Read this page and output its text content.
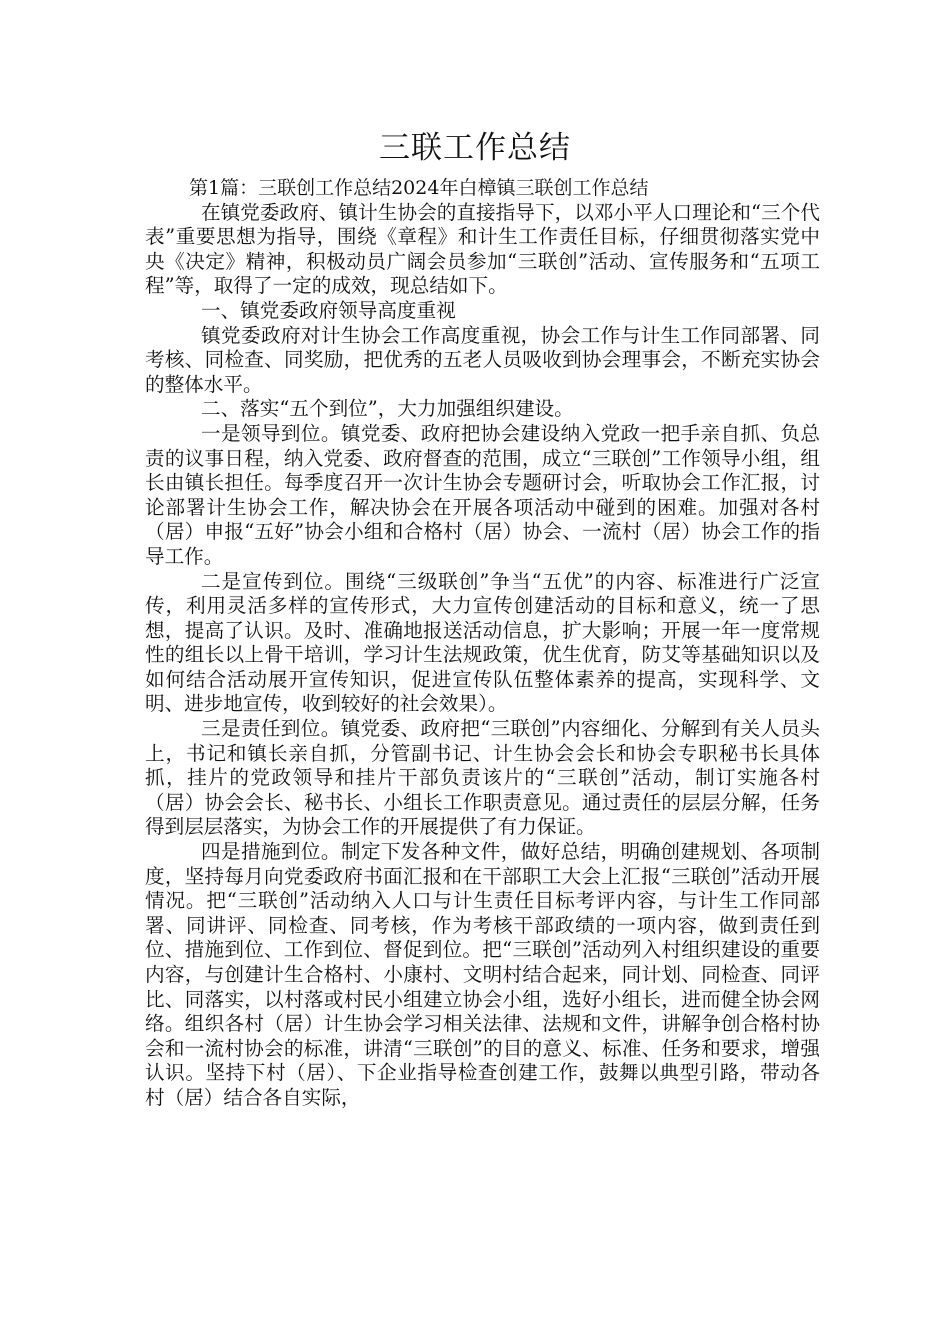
三联工作总结

第1篇：三联创工作总结2024年白樟镇三联创工作总结

在镇党委政府、镇计生协会的直接指导下，以邓小平人口理论和“三个代表”重要思想为指导，围绕《章程》和计生工作责任目标，仔细贯彻落实党中央《决定》精神，积极动员广阔会员参加“三联创”活动、宣传服务和“五项工程”等，取得了一定的成效，现总结如下。

一、镇党委政府领导高度重视

镇党委政府对计生协会工作高度重视，协会工作与计生工作同部署、同考核、同检查、同奖励，把优秀的五老人员吸收到协会理事会，不断充实协会的整体水平。

二、落实“五个到位”，大力加强组织建设。

一是领导到位。镇党委、政府把协会建设纳入党政一把手亲自抓、负总责的议事日程，纳入党委、政府督查的范围，成立“三联创”工作领导小组，组长由镇长担任。每季度召开一次计生协会专题研讨会，听取协会工作汇报，讨论部署计生协会工作，解决协会在开展各项活动中碰到的困难。加强对各村（居）申报“五好”协会小组和合格村（居）协会、一流村（居）协会工作的指导工作。

二是宣传到位。围绕“三级联创”争当“五优”的内容、标准进行广泛宣传，利用灵活多样的宣传形式，大力宣传创建活动的目标和意义，统一了思想，提高了认识。及时、准确地报送活动信息，扩大影响；开展一年一度常规性的组长以上骨干培训，学习计生法规政策，优生优育，防艾等基础知识以及如何结合活动展开宣传知识，促进宣传队伍整体素养的提高，实现科学、文明、进步地宣传，收到较好的社会效果）。

三是责任到位。镇党委、政府把“三联创”内容细化、分解到有关人员头上，书记和镇长亲自抓，分管副书记、计生协会会长和协会专职秘书长具体抓，挂片的党政领导和挂片干部负责该片的“三联创”活动，制订实施各村（居）协会会长、秘书长、小组长工作职责意见。通过责任的层层分解，任务得到层层落实，为协会工作的开展提供了有力保证。

四是措施到位。制定下发各种文件，做好总结，明确创建规划、各项制度，坚持每月向党委政府书面汇报和在干部职工大会上汇报“三联创”活动开展情况。把“三联创”活动纳入人口与计生责任目标考评内容，与计生工作同部署、同讲评、同检查、同考核，作为考核干部政绩的一项内容，做到责任到位、措施到位、工作到位、督促到位。把“三联创”活动列入村组织建设的重要内容，与创建计生合格村、小康村、文明村结合起来，同计划、同检查、同评比、同落实，以村落或村民小组建立协会小组，选好小组长，进而健全协会网络。组织各村（居）计生协会学习相关法律、法规和文件，讲解争创合格村协会和一流村协会的标准，讲清“三联创”的目的意义、标准、任务和要求，增强认识。坚持下村（居）、下企业指导检查创建工作，鼓舞以典型引路，带动各村（居）结合各自实际，
